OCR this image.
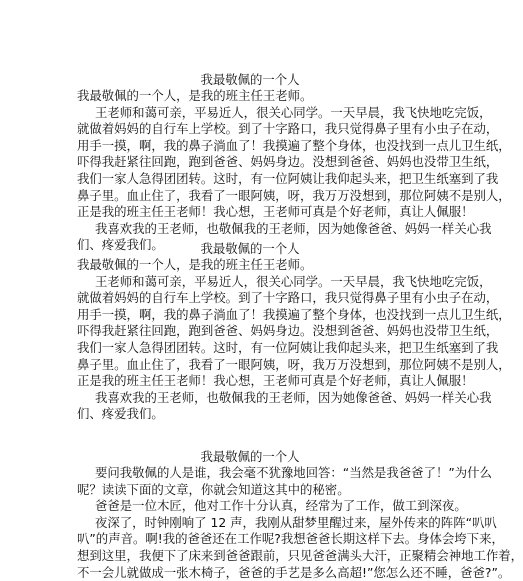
我最敬佩的一个人

我最敬佩的一个人，是我的班主任王老师。

王老师和蔼可亲，平易近人，很关心同学。一天早晨，我飞快地吃完饭，

就做着妈妈的自行车上学校。到了十字路口，我只觉得鼻子里有小虫子在动，

用手一摸，啊，我的鼻子淌血了！我摸遍了整个身体，也没找到一点儿卫生纸，

吓得我赶紧往回跑，跑到爸爸、妈妈身边。没想到爸爸、妈妈也没带卫生纸，

我们一家人急得团团转。这时，有一位阿姨让我仰起头来，把卫生纸塞到了我

鼻子里。血止住了，我看了一眼阿姨，呀，我万万没想到，那位阿姨不是别人，

正是我的班主任王老师！我心想，王老师可真是个好老师，真让人佩服！

我喜欢我的王老师，也敬佩我的王老师，因为她像爸爸、妈妈一样关心我

们、疼爱我们。	我最敬佩的一个人

我最敬佩的一个人，是我的班主任王老师。

王老师和蔼可亲，平易近人，很关心同学。一天早晨，我飞快地吃完饭，

就做着妈妈的自行车上学校。到了十字路口，我只觉得鼻子里有小虫子在动，

用手一摸，啊，我的鼻子淌血了！我摸遍了整个身体，也没找到一点儿卫生纸，

吓得我赶紧往回跑，跑到爸爸、妈妈身边。没想到爸爸、妈妈也没带卫生纸，

我们一家人急得团团转。这时，有一位阿姨让我仰起头来，把卫生纸塞到了我

鼻子里。血止住了，我看了一眼阿姨，呀，我万万没想到，那位阿姨不是别人，

正是我的班主任王老师！我心想，王老师可真是个好老师，真让人佩服！

我喜欢我的王老师，也敬佩我的王老师，因为她像爸爸、妈妈一样关心我

们、疼爱我们。

我最敬佩的一个人

要问我敬佩的人是谁，我会毫不犹豫地回答：“当然是我爸爸了！”为什么

呢？读读下面的文章，你就会知道这其中的秘密。

爸爸是一位木匠，他对工作十分认真，经常为了工作，做工到深夜。

夜深了，时钟刚响了 12 声，我刚从甜梦里醒过来，屋外传来的阵阵“叭叭

叭”的声音。啊!我的爸爸还在工作呢?我想爸爸长期这样下去。身体会垮下来，

想到这里，我便下了床来到爸爸跟前，只见爸爸满头大汗，正聚精会神地工作着，

不一会儿就做成一张木椅子，爸爸的手艺是多么高超!”您怎么还不睡，爸爸?”。
